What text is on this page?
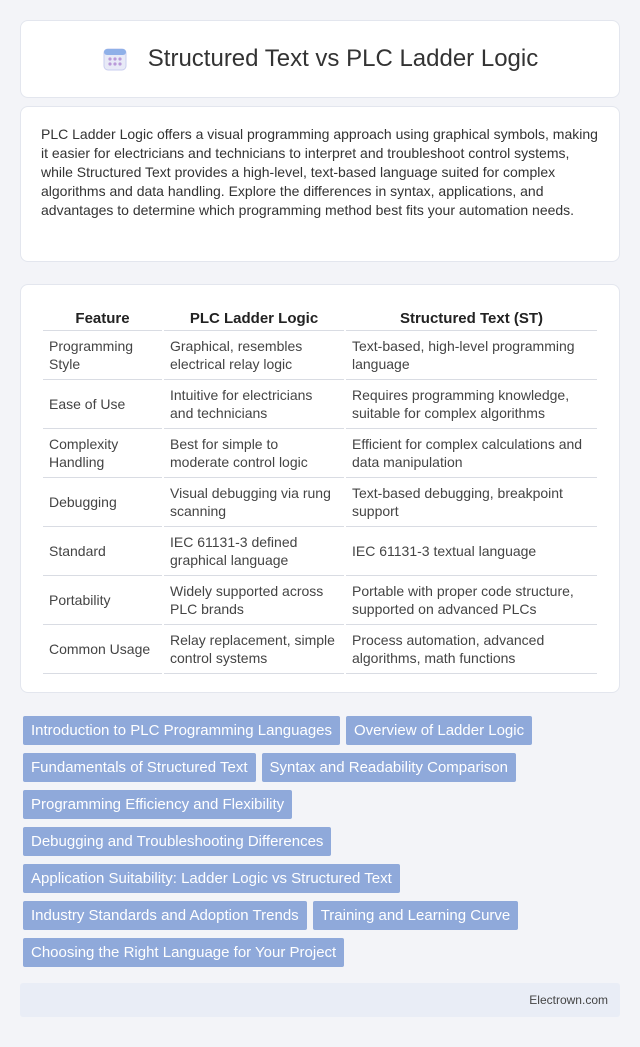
Structured Text vs PLC Ladder Logic

PLC Ladder Logic offers a visual programming approach using graphical symbols, making it easier for electricians and technicians to interpret and troubleshoot control systems, while Structured Text provides a high-level, text-based language suited for complex algorithms and data handling. Explore the differences in syntax, applications, and advantages to determine which programming method best fits your automation needs.

Feature	PLC Ladder Logic	Structured Text (ST)
Programming Style	Graphical, resembles electrical relay logic	Text-based, high-level programming language
Ease of Use	Intuitive for electricians and technicians	Requires programming knowledge, suitable for complex algorithms
Complexity Handling	Best for simple to moderate control logic	Efficient for complex calculations and data manipulation
Debugging	Visual debugging via rung scanning	Text-based debugging, breakpoint support
Standard	IEC 61131-3 defined graphical language	IEC 61131-3 textual language
Portability	Widely supported across PLC brands	Portable with proper code structure, supported on advanced PLCs
Common Usage	Relay replacement, simple control systems	Process automation, advanced algorithms, math functions
Introduction to PLC Programming Languages	Overview of Ladder Logic
Fundamentals of Structured Text	Syntax and Readability Comparison
Programming Efficiency and Flexibility
Debugging and Troubleshooting Differences
Application Suitability: Ladder Logic vs Structured Text
Industry Standards and Adoption Trends	Training and Learning Curve
Choosing the Right Language for Your Project
Electrown.com
